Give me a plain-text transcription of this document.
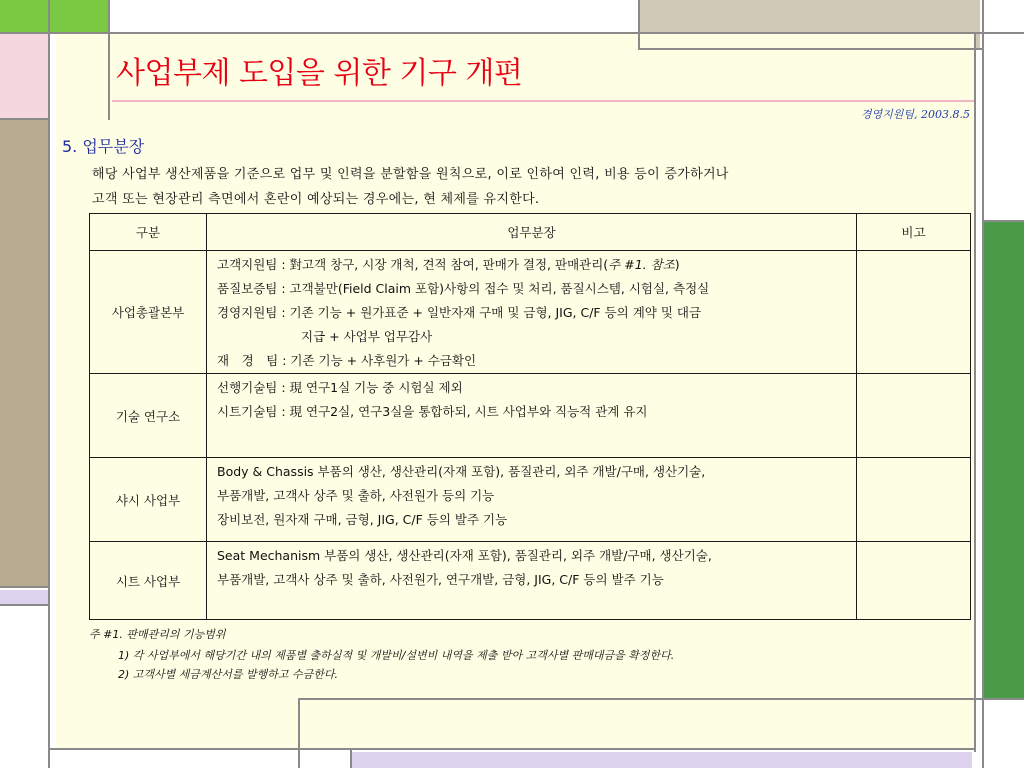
사업부제 도입을 위한 기구 개편
경영지원팀, 2003.8.5
5. 업무분장
해당 사업부 생산제품을 기준으로 업무 및 인력을 분할함을 원칙으로, 이로 인하여 인력, 비용 등이 증가하거나
고객 또는 현장관리 측면에서 혼란이 예상되는 경우에는, 현 체제를 유지한다.
구분	업무분장	비고
사업총괄본부	고객지원팀 : 對고객 창구, 시장 개척, 견적 참여, 판매가 결정, 판매관리(주 #1. 참조)
품질보증팀 : 고객불만(Field Claim 포함)사항의 접수 및 처리, 품질시스템, 시험실, 측정실
경영지원팀 : 기존 기능 + 원가표준 + 일반자재 구매 및 금형, JIG, C/F 등의 계약 및 대금
지급 + 사업부 업무감사
재　경　팀 : 기존 기능 + 사후원가 + 수금확인	

기술 연구소	선행기술팀 : 現 연구1실 기능 중 시험실 제외
시트기술팀 : 現 연구2실, 연구3실을 통합하되, 시트 사업부와 직능적 관계 유지	

샤시 사업부	Body & Chassis 부품의 생산, 생산관리(자재 포함), 품질관리, 외주 개발/구매, 생산기술,
부품개발, 고객사 상주 및 출하, 사전원가 등의 기능
장비보전, 원자재 구매, 금형, JIG, C/F 등의 발주 기능	

시트 사업부	Seat Mechanism 부품의 생산, 생산관리(자재 포함), 품질관리, 외주 개발/구매, 생산기술,
부품개발, 고객사 상주 및 출하, 사전원가, 연구개발, 금형, JIG, C/F 등의 발주 기능	

주 #1. 판매관리의 기능범위
1) 각 사업부에서 해당기간 내의 제품별 출하실적 및 개발비/설변비 내역을 제출 받아 고객사별 판매대금을 확정한다.
2) 고객사별 세금계산서를 발행하고 수금한다.
